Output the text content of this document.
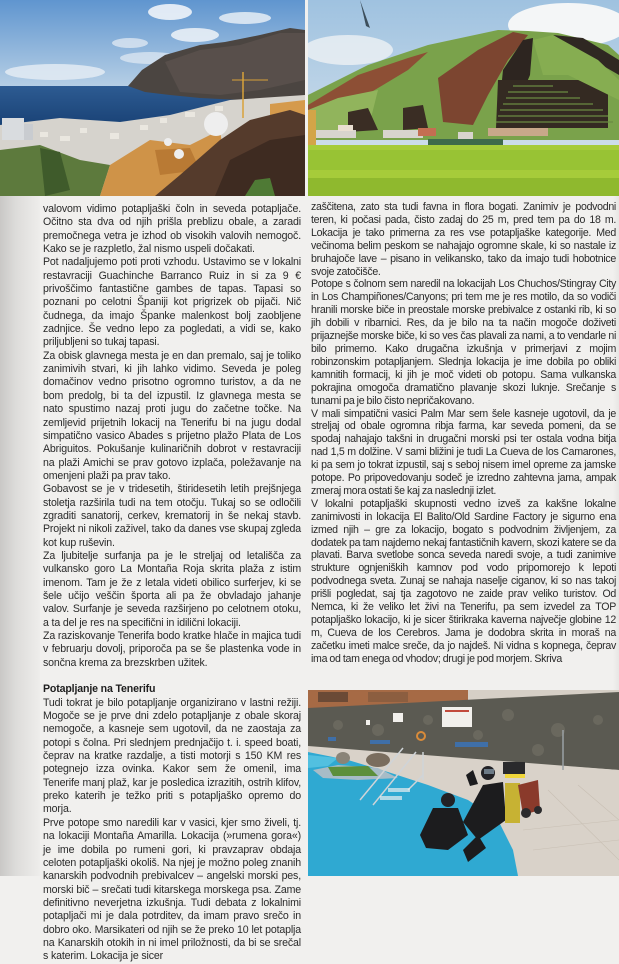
valovom vidimo potapljaški čoln in seveda potapljače. Očitno sta dva od njih prišla preblizu obale, a zaradi premočnega vetra je izhod ob visokih valovih nemogoč. Kako se je razpletlo, žal nismo uspeli dočakati.

Pot nadaljujemo poti proti vzhodu. Ustavimo se v lokalni restavraciji Guachinche Barranco Ruiz in si za 9 € privoščimo fantastične gambes de tapas. Tapasi so poznani po celotni Španiji kot prigrizek ob pijači. Nič čudnega, da imajo Španke malenkost bolj zaobljene zadnjice. Še vedno lepo za pogledati, a vidi se, kako priljubljeni so tukaj tapasi.

Za obisk glavnega mesta je en dan premalo, saj je toliko zanimivih stvari, ki jih lahko vidimo. Seveda je poleg domačinov vedno prisotno ogromno turistov, a da ne bom predolg, bi ta del izpustil. Iz glavnega mesta se nato spustimo nazaj proti jugu do začetne točke. Na zemljevid prijetnih lokacij na Tenerifu bi na jugu dodal simpatično vasico Abades s prijetno plažo Plata de Los Abriguitos. Pokušanje kulinaričnih dobrot v restavraciji na plaži Amichi se prav gotovo izplača, poležavanje na omenjeni plaži pa prav tako.

Gobavost se je v tridesetih, štiridesetih letih prejšnjega stoletja razširila tudi na tem otočju. Tukaj so se odločili zgraditi sanatorij, cerkev, krematorij in še nekaj stavb. Projekt ni nikoli zaživel, tako da danes vse skupaj zgleda kot kup ruševin.

Za ljubitelje surfanja pa je le streljaj od letališča za vulkansko goro La Montaña Roja skrita plaža z istim imenom. Tam je že z letala videti obilico surferjev, ki se šele učijo veščin športa ali pa že obvladajo jahanje valov. Surfanje je seveda razširjeno po celotnem otoku, a ta del je res na specifični in idilični lokaciji.

Za raziskovanje Tenerifa bodo kratke hlače in majica tudi v februarju dovolj, priporoča pa se še plastenka vode in sončna krema za brezskrben užitek.

Potapljanje na Tenerifu

Tudi tokrat je bilo potapljanje organizirano v lastni režiji. Mogoče se je prve dni zdelo potapljanje z obale skoraj nemogoče, a kasneje sem ugotovil, da ne zaostaja za potopi s čolna. Pri slednjem prednjačijo t. i. speed boati, čeprav na kratke razdalje, a tisti motorji s 150 KM res potegnejo izza ovinka. Kakor sem že omenil, ima Tenerife manj plaž, kar je posledica izrazitih, ostrih klifov, preko katerih je težko priti s potapljaško opremo do morja.

Prve potope smo naredili kar v vasici, kjer smo živeli, tj. na lokaciji Montaña Amarilla. Lokacija (»rumena gora«) je ime dobila po rumeni gori, ki pravzaprav obdaja celoten potapljaški okoliš. Na njej je možno poleg znanih kanarskih podvodnih prebivalcev – angelski morski pes, morski bič – srečati tudi kitarskega morskega psa. Zame definitivno neverjetna izkušnja. Tudi debata z lokalnimi potapljači mi je dala potrditev, da imam pravo srečo in dobro oko. Marsikateri od njih se že preko 10 let potaplja na Kanarskih otokih in ni imel priložnosti, da bi se srečal s katerim. Lokacija je sicer

zaščitena, zato sta tudi favna in flora bogati. Zanimiv je podvodni teren, ki počasi pada, čisto zadaj do 25 m, pred tem pa do 18 m. Lokacija je tako primerna za res vse potapljaške kategorije. Med večinoma belim peskom se nahajajo ogromne skale, ki so nastale iz bruhajoče lave – pisano in velikansko, tako da imajo tudi hobotnice svoje zatočišče.

Potope s čolnom sem naredil na lokacijah Los Chuchos/Stingray City in Los Champiñones/Canyons; pri tem me je res motilo, da so vodiči hranili morske biče in preostale morske prebivalce z ostanki rib, ki so jih dobili v ribarnici. Res, da je bilo na ta način mogoče doživeti prijaznejše morske biče, ki so ves čas plavali za nami, a to vendarle ni bilo primerno. Kako drugačna izkušnja v primerjavi z mojim robinzonskim potapljanjem. Slednja lokacija je ime dobila po obliki kamnitih formacij, ki jih je moč videti ob potopu. Sama vulkanska pokrajina omogoča dramatično plavanje skozi luknje. Srečanje s tunami pa je bilo čisto nepričakovano.

V mali simpatični vasici Palm Mar sem šele kasneje ugotovil, da je streljaj od obale ogromna ribja farma, kar seveda pomeni, da se spodaj nahajajo takšni in drugačni morski psi ter ostala vodna bitja nad 1,5 m dolžine. V sami bližini je tudi La Cueva de los Camarones, ki pa sem jo tokrat izpustil, saj s seboj nisem imel opreme za jamske potope. Po pripovedovanju sodeč je izredno zahtevna jama, ampak zmeraj mora ostati še kaj za naslednji izlet.

V lokalni potapljaški skupnosti vedno izveš za kakšne lokalne zanimivosti in lokacija El Balito/Old Sardine Factory je sigurno ena izmed njih – gre za lokacijo, bogato s podvodnim življenjem, za dodatek pa tam najdemo nekaj fantastičnih kavern, skozi katere se da plavati. Barva svetlobe sonca seveda naredi svoje, a tudi zanimive strukture ognjeniških kamnov pod vodo pripomorejo k lepoti podvodnega sveta. Zunaj se nahaja naselje ciganov, ki so nas takoj prišli pogledat, saj tja zagotovo ne zaide prav veliko turistov. Od Nemca, ki že veliko let živi na Tenerifu, pa sem izvedel za TOP potapljaško lokacijo, ki je sicer štirikraka kaverna največje globine 12 m, Cueva de los Cerebros. Jama je dodobra skrita in moraš na začetku imeti malce sreče, da jo najdeš. Ni vidna s kopnega, čeprav ima od tam enega od vhodov; drugi je pod morjem. Skriva
